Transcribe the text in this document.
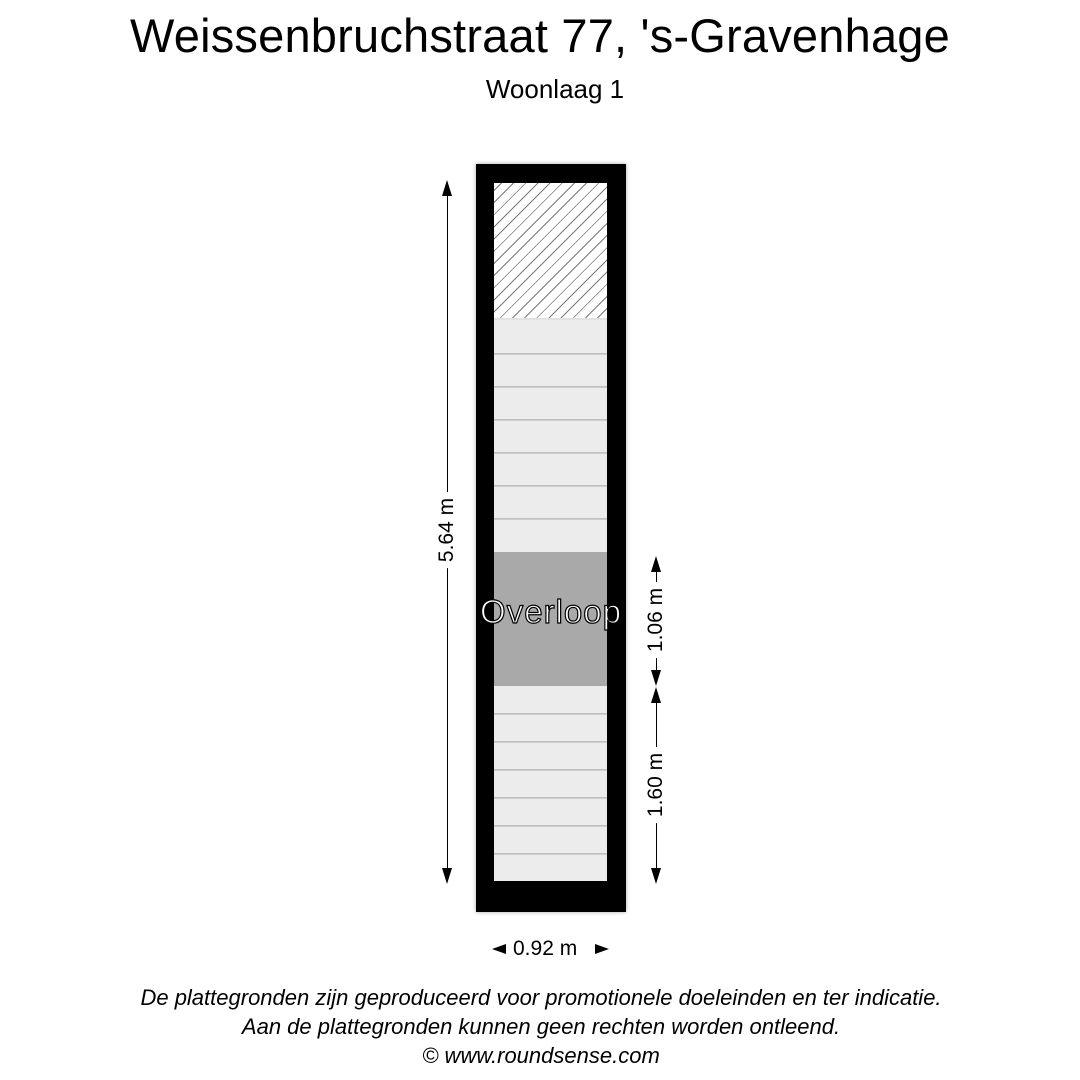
Weissenbruchstraat 77, 's-Gravenhage
Woonlaag 1
Overloop
5.64 m
1.06 m
1.60 m
0.92 m
De plattegronden zijn geproduceerd voor promotionele doeleinden en ter indicatie.
Aan de plattegronden kunnen geen rechten worden ontleend.
© www.roundsense.com
